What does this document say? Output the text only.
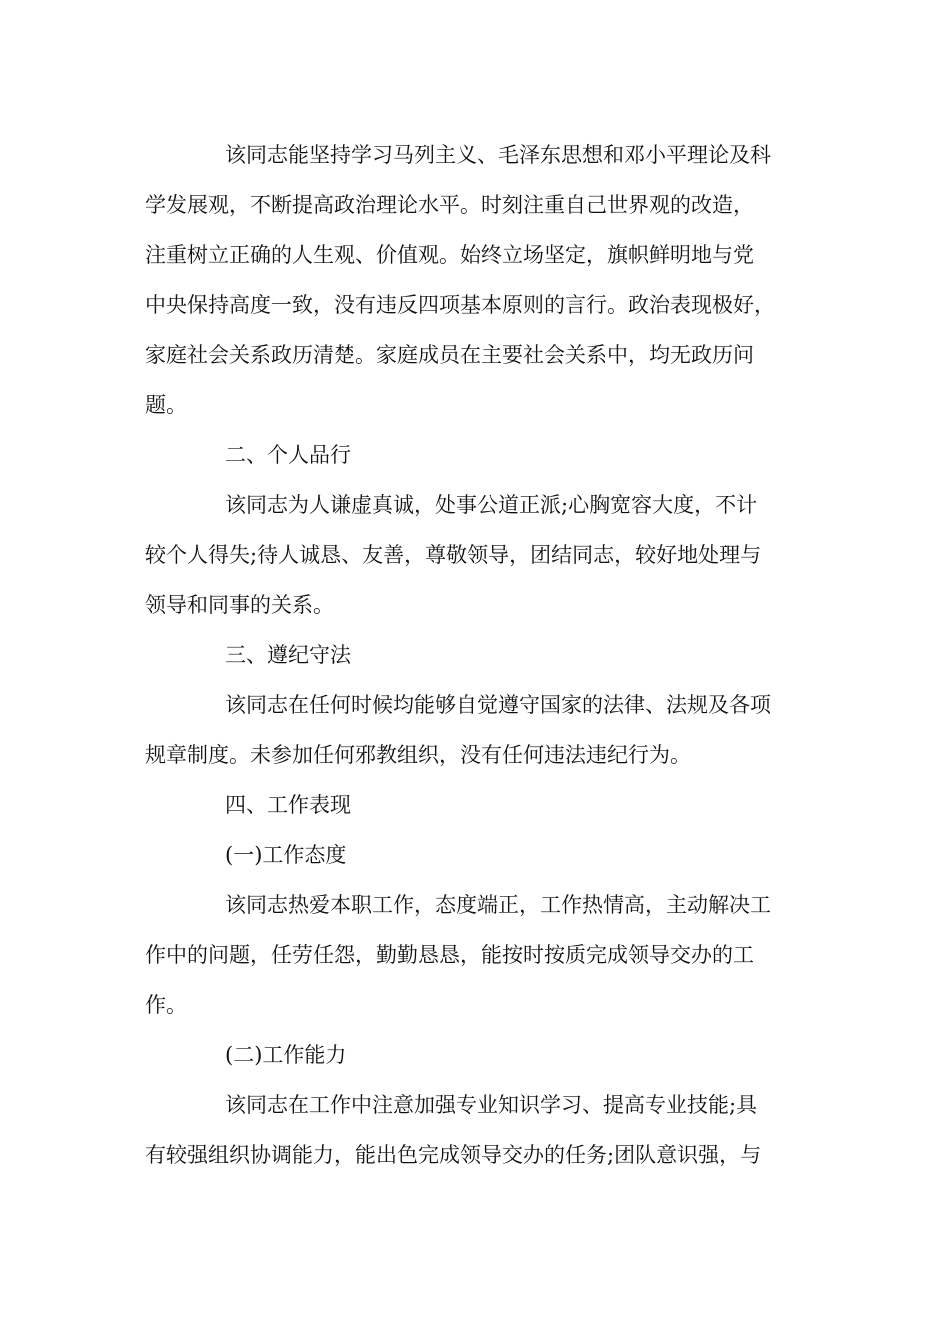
该同志能坚持学习马列主义、毛泽东思想和邓小平理论及科
学发展观，不断提高政治理论水平。时刻注重自己世界观的改造，
注重树立正确的人生观、价值观。始终立场坚定，旗帜鲜明地与党
中央保持高度一致，没有违反四项基本原则的言行。政治表现极好，
家庭社会关系政历清楚。家庭成员在主要社会关系中，均无政历问
题。
二、个人品行
该同志为人谦虚真诚，处事公道正派;心胸宽容大度，不计
较个人得失;待人诚恳、友善，尊敬领导，团结同志，较好地处理与
领导和同事的关系。
三、遵纪守法
该同志在任何时候均能够自觉遵守国家的法律、法规及各项
规章制度。未参加任何邪教组织，没有任何违法违纪行为。
四、工作表现
(一)工作态度
该同志热爱本职工作，态度端正，工作热情高，主动解决工
作中的问题，任劳任怨，勤勤恳恳，能按时按质完成领导交办的工
作。
(二)工作能力
该同志在工作中注意加强专业知识学习、提高专业技能;具
有较强组织协调能力，能出色完成领导交办的任务;团队意识强，与
